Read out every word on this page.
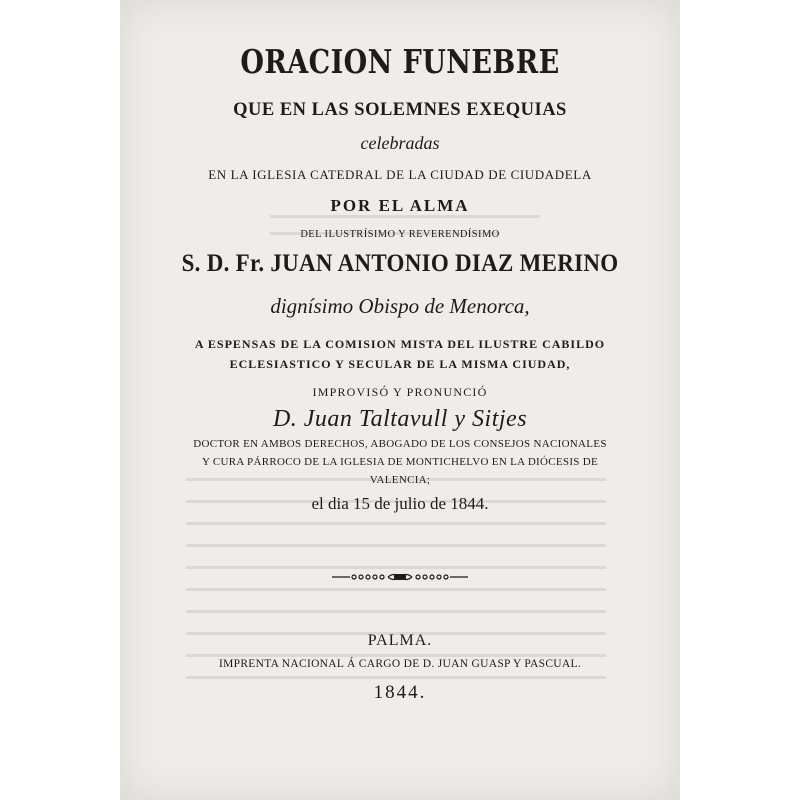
ORACION FUNEBRE
QUE EN LAS SOLEMNES EXEQUIAS
celebradas
EN LA IGLESIA CATEDRAL DE LA CIUDAD DE CIUDADELA
POR EL ALMA
DEL ILUSTRÍSIMO Y REVERENDÍSIMO
S. D. Fr. JUAN ANTONIO DIAZ MERINO
dignísimo Obispo de Menorca,
A ESPENSAS DE LA COMISION MISTA DEL ILUSTRE CABILDO
ECLESIASTICO Y SECULAR DE LA MISMA CIUDAD,
IMPROVISÓ Y PRONUNCIÓ
D. Juan Taltavull y Sitjes
DOCTOR EN AMBOS DERECHOS, ABOGADO DE LOS CONSEJOS NACIONALES
Y CURA PÁRROCO DE LA IGLESIA DE MONTICHELVO EN LA DIÓCESIS DE
VALENCIA;
el dia 15 de julio de 1844.
PALMA.
IMPRENTA NACIONAL Á CARGO DE D. JUAN GUASP Y PASCUAL.
1844.
